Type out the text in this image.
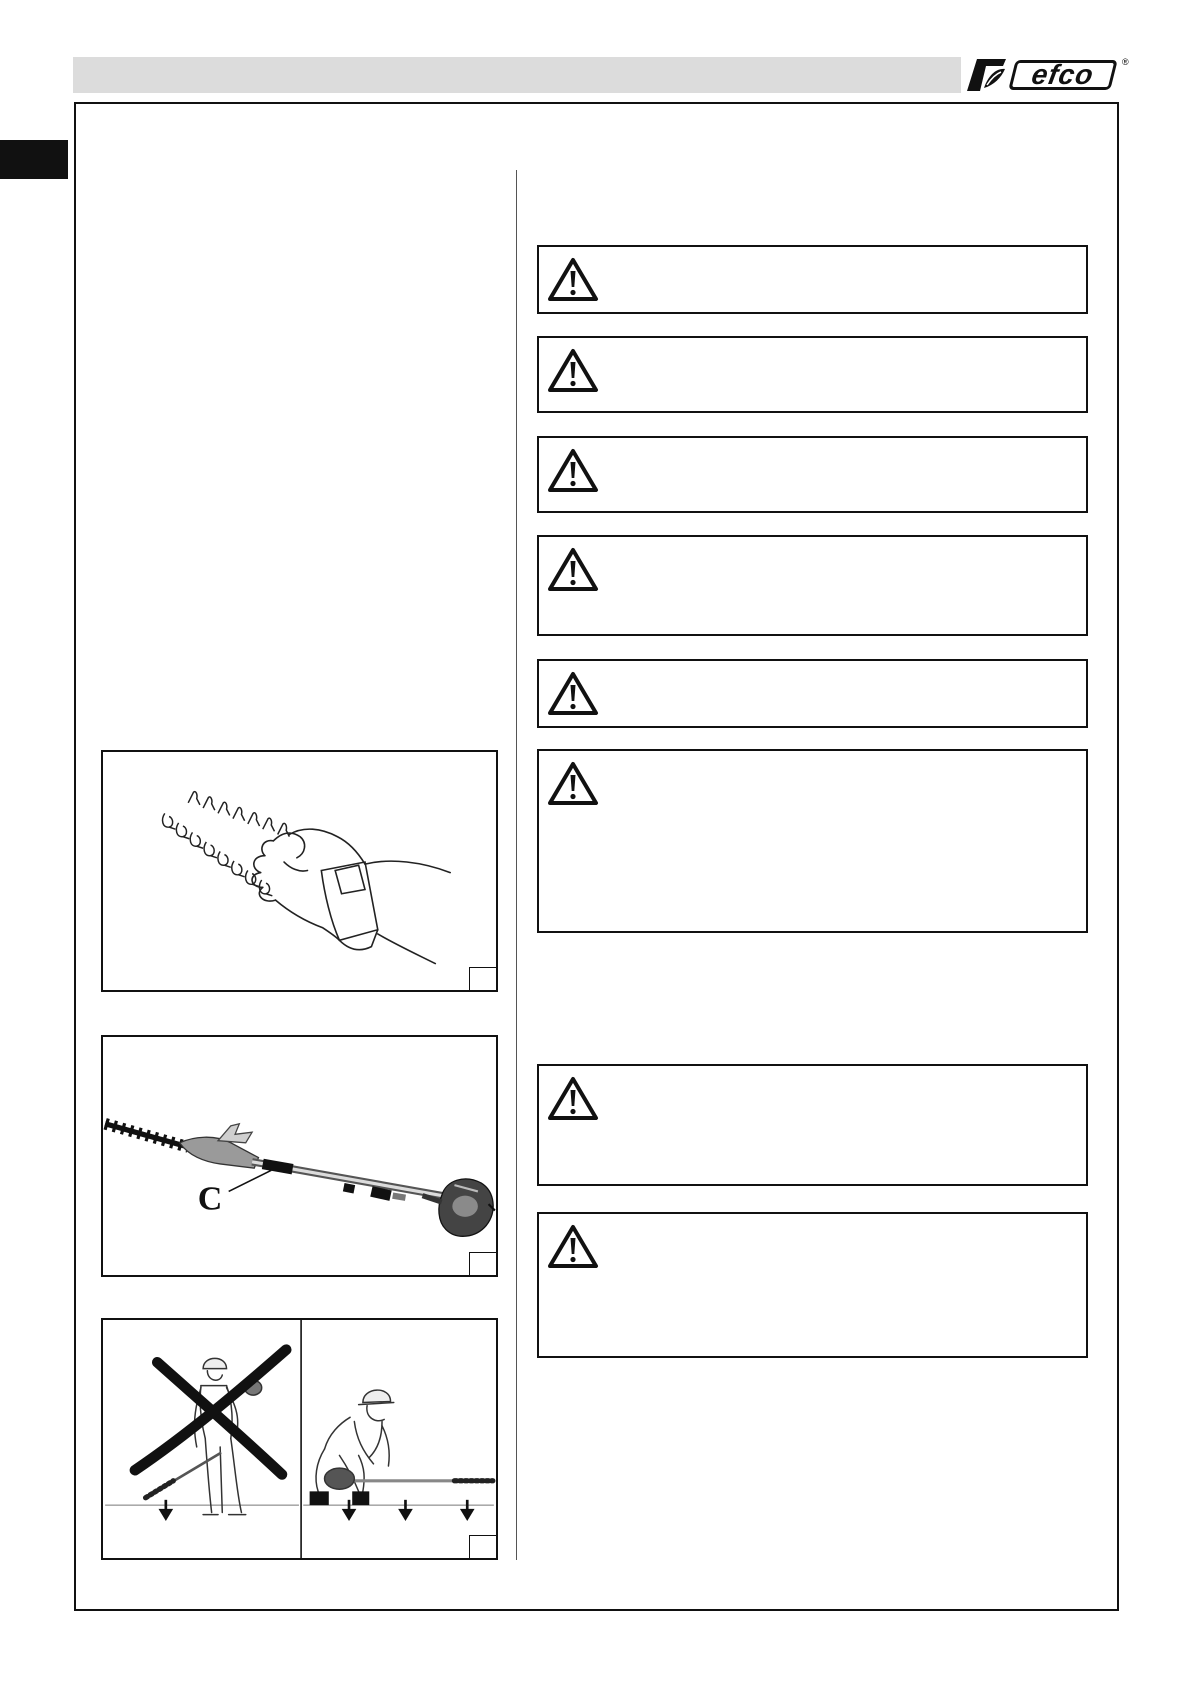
efco	®
C
